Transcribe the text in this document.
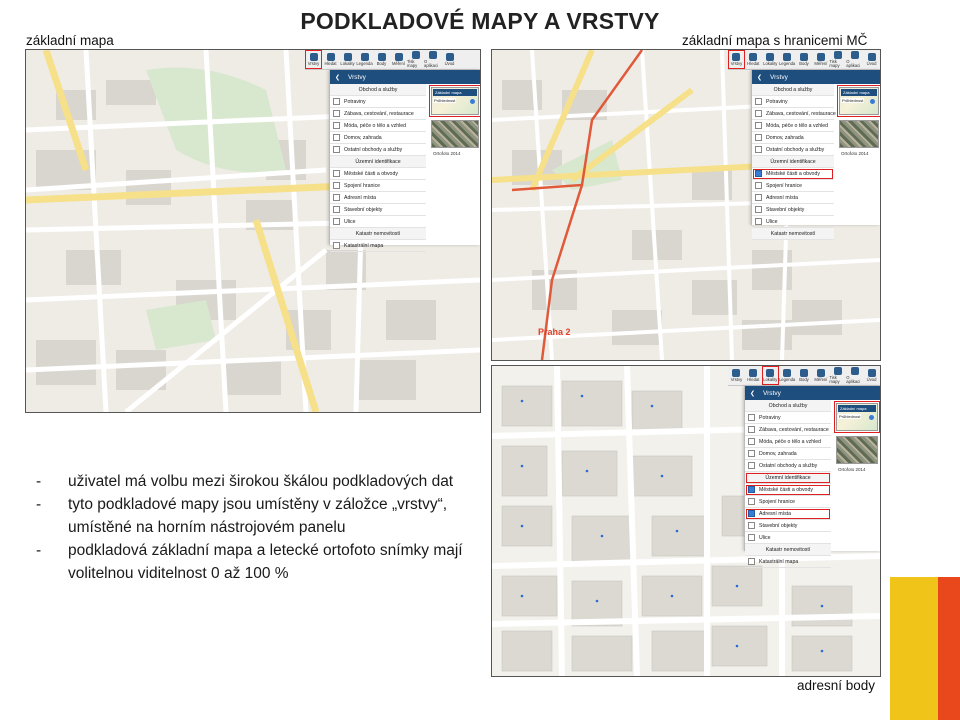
PODKLADOVÉ MAPY A VRSTVY
základní mapa	základní mapa s hranicemi MČ
Vrstvy Hledat Lokality Legenda Body Měření Tisk mapy
O aplikaci	Úvod
❮ Vrstvy
Obchod a služby
Potraviny
Zábava, cestování, restaurace
Móda, péče o tělo a vzhled
Domov, zahrada
Ostatní obchody a služby
Územní identifikace
Městské části a obvody
Spojení hranice
Adresní místa
Stavební objekty
Ulice
Katastr nemovitostí
Katastrální mapa
Základní mapa
Průhlednost
Ortofoto 2014
Praha 2
Vrstvy Hledat Lokality Legenda Body Měření Tisk mapy
O aplikaci	Úvod
❮ Vrstvy
Obchod a služby
Potraviny
Zábava, cestování, restaurace
Móda, péče o tělo a vzhled
Domov, zahrada
Ostatní obchody a služby
Územní identifikace
Městské části a obvody
Spojení hranice
Adresní místa
Stavební objekty
Ulice
Katastr nemovitostí
Základní mapa
Průhlednost
Ortofoto 2014
Vrstvy Hledat Lokality Legenda Body Měření Tisk mapy
O aplikaci	Úvod
❮ Vrstvy
Obchod a služby
Potraviny
Zábava, cestování, restaurace
Móda, péče o tělo a vzhled
Domov, zahrada
Ostatní obchody a služby
Územní identifikace
Městské části a obvody
Spojení hranice
Adresní místa
Stavební objekty
Ulice
Katastr nemovitostí
Katastrální mapa
Základní mapa
Průhlednost
Ortofoto 2014
adresní body
- uživatel má volbu mezi širokou škálou podkladových dat
- tyto podkladové mapy jsou umístěny v záložce „vrstvy“, umístěné na horním nástrojovém panelu
- podkladová základní mapa a letecké ortofoto snímky mají volitelnou viditelnost 0 až 100 %
